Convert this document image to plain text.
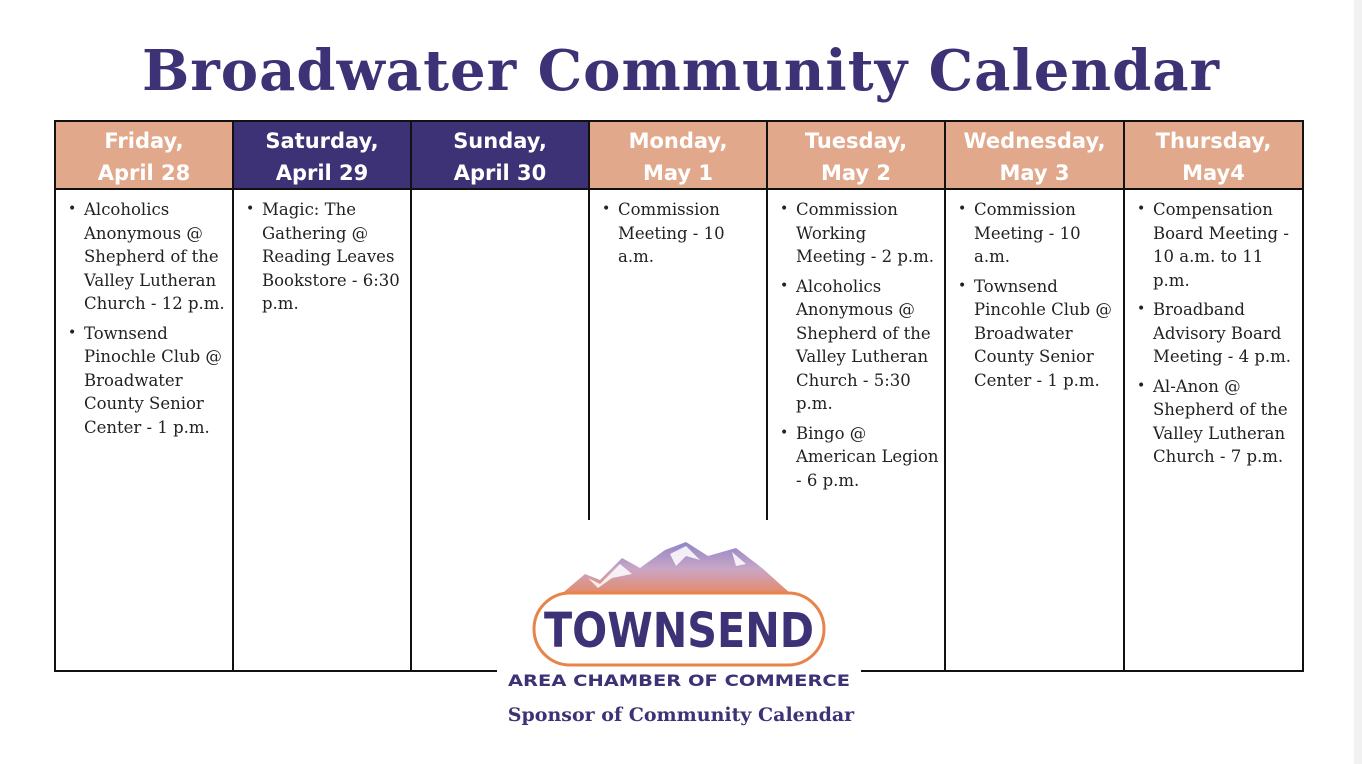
Broadwater Community Calendar
Friday,
April 28
• Alcoholics Anonymous @ Shepherd of the Valley Lutheran Church - 12 p.m.
• Townsend Pinochle Club @ Broadwater County Senior Center - 1 p.m.
Saturday,
April 29
• Magic: The Gathering @ Reading Leaves Bookstore - 6:30 p.m.
Sunday,
April 30
Monday,
May 1
• Commission Meeting - 10 a.m.
Tuesday,
May 2
• Commission Working Meeting - 2 p.m.
• Alcoholics Anonymous @ Shepherd of the Valley Lutheran Church - 5:30 p.m.
• Bingo @ American Legion - 6 p.m.
Wednesday,
May 3
• Commission Meeting - 10 a.m.
• Townsend Pincohle Club @ Broadwater County Senior Center - 1 p.m.
Thursday,
May4
• Compensation Board Meeting - 10 a.m. to 11 p.m.
• Broadband Advisory Board Meeting - 4 p.m.
• Al-Anon @ Shepherd of the Valley Lutheran Church - 7 p.m.
TOWNSEND
AREA CHAMBER OF COMMERCE
Sponsor of Community Calendar
